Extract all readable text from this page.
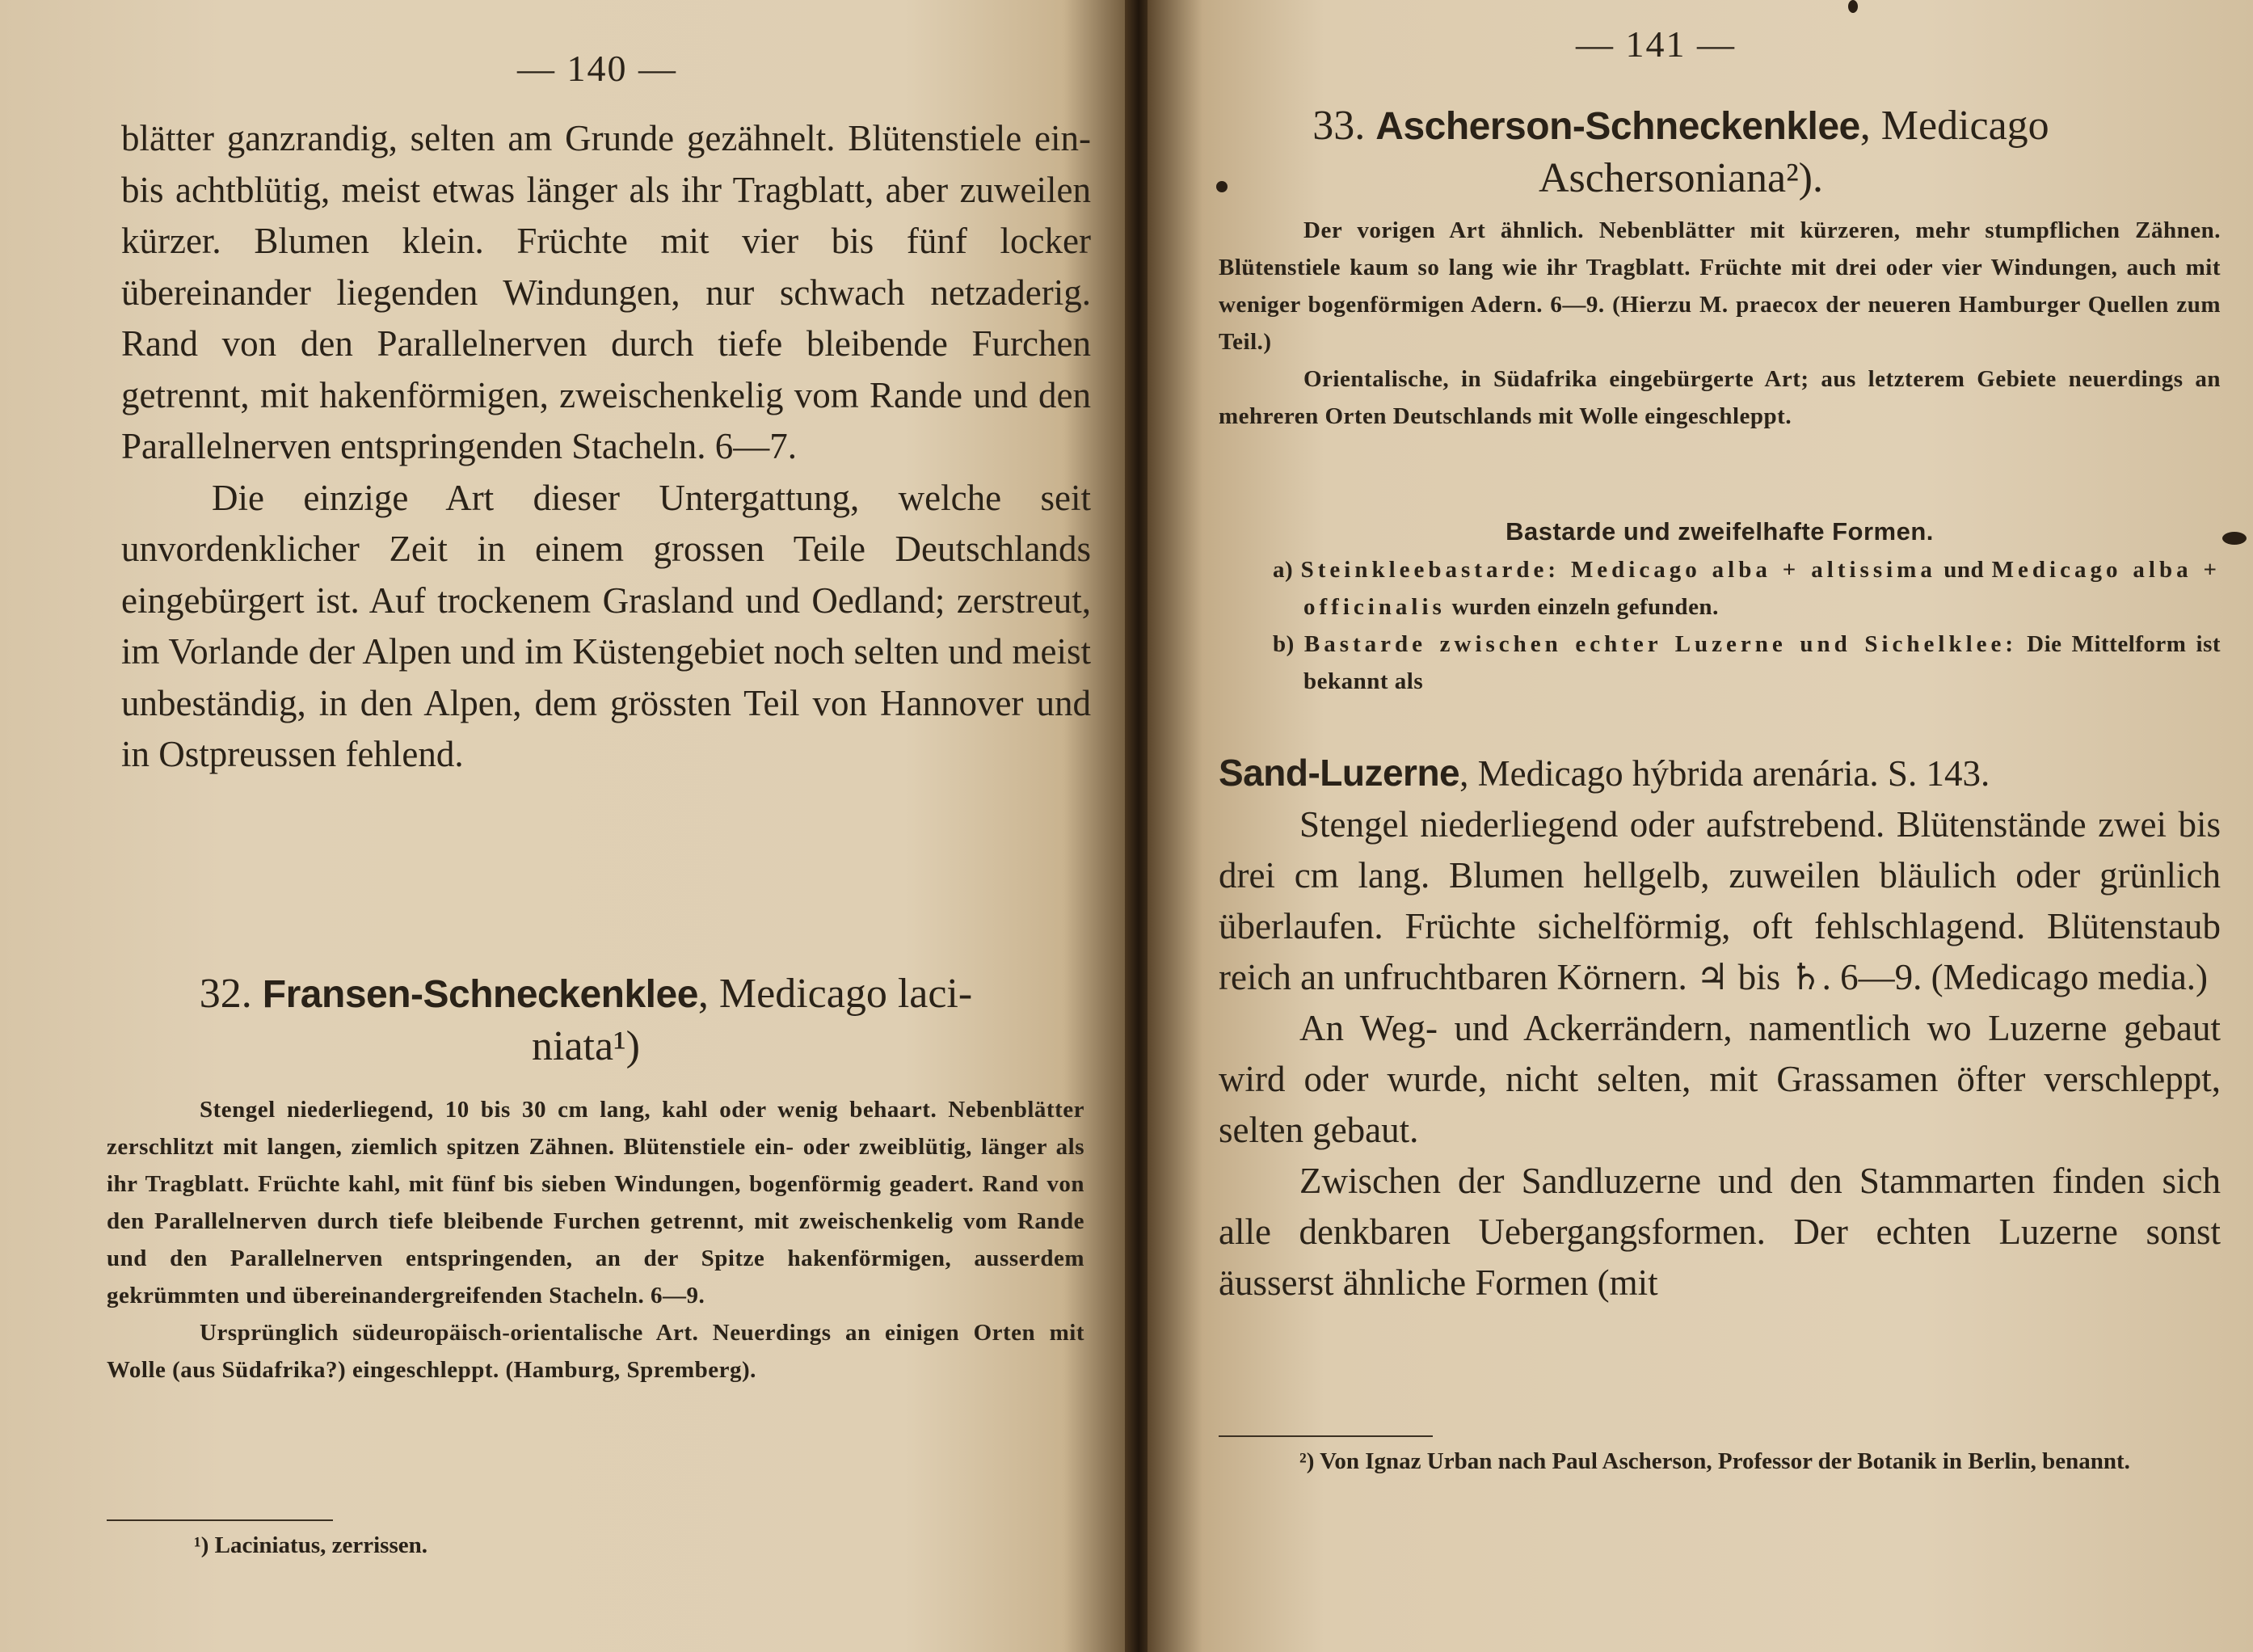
— 140 —

blätter ganzrandig, selten am Grunde gezähnelt. Blütenstiele ein- bis achtblütig, meist etwas länger als ihr Tragblatt, aber zuweilen kürzer. Blumen klein. Früchte mit vier bis fünf locker übereinander liegenden Windungen, nur schwach netzaderig. Rand von den Parallelnerven durch tiefe bleibende Furchen getrennt, mit hakenförmigen, zweischenkelig vom Rande und den Parallelnerven entspringenden Stacheln. 6—7.

Die einzige Art dieser Untergattung, welche seit unvordenklicher Zeit in einem grossen Teile Deutschlands eingebürgert ist. Auf trockenem Grasland und Oedland; zerstreut, im Vorlande der Alpen und im Küstengebiet noch selten und meist unbeständig, in den Alpen, dem grössten Teil von Hannover und in Ostpreussen fehlend.

32. Fransen-Schneckenklee, Medicago laci-
niata¹)

Stengel niederliegend, 10 bis 30 cm lang, kahl oder wenig behaart. Nebenblätter zerschlitzt mit langen, ziemlich spitzen Zähnen. Blütenstiele ein- oder zweiblütig, länger als ihr Tragblatt. Früchte kahl, mit fünf bis sieben Windungen, bogenförmig geadert. Rand von den Parallelnerven durch tiefe bleibende Furchen getrennt, mit zweischenkelig vom Rande und den Parallelnerven entspringenden, an der Spitze hakenförmigen, ausserdem gekrümmten und übereinandergreifenden Stacheln. 6—9.

Ursprünglich südeuropäisch-orientalische Art. Neuerdings an einigen Orten mit Wolle (aus Südafrika?) eingeschleppt. (Hamburg, Spremberg).

¹) Laciniatus, zerrissen.

— 141 —
33. Ascherson-Schneckenklee, Medicago
Aschersoniana²).

Der vorigen Art ähnlich. Nebenblätter mit kürzeren, mehr stumpflichen Zähnen. Blütenstiele kaum so lang wie ihr Tragblatt. Früchte mit drei oder vier Windungen, auch mit weniger bogenförmigen Adern. 6—9. (Hierzu M. praecox der neueren Hamburger Quellen zum Teil.)

Orientalische, in Südafrika eingebürgerte Art; aus letzterem Gebiete neuerdings an mehreren Orten Deutschlands mit Wolle eingeschleppt.

Bastarde und zweifelhafte Formen.

a) Steinkleebastarde: Medicago alba + altissima und Medicago alba + officinalis wurden einzeln gefunden.

b) Bastarde zwischen echter Luzerne und Sichelklee: Die Mittelform ist bekannt als

Sand-Luzerne, Medicago hýbrida arenária. S. 143.

Stengel niederliegend oder aufstrebend. Blütenstände zwei bis drei cm lang. Blumen hellgelb, zuweilen bläulich oder grünlich überlaufen. Früchte sichelförmig, oft fehlschlagend. Blütenstaub reich an unfruchtbaren Körnern. ♃ bis ♄. 6—9. (Medicago media.)

An Weg- und Ackerrändern, namentlich wo Luzerne gebaut wird oder wurde, nicht selten, mit Grassamen öfter verschleppt, selten gebaut.

Zwischen der Sandluzerne und den Stammarten finden sich alle denkbaren Uebergangsformen. Der echten Luzerne sonst äusserst ähnliche Formen (mit

²) Von Ignaz Urban nach Paul Ascherson, Professor der Botanik in Berlin, benannt.
